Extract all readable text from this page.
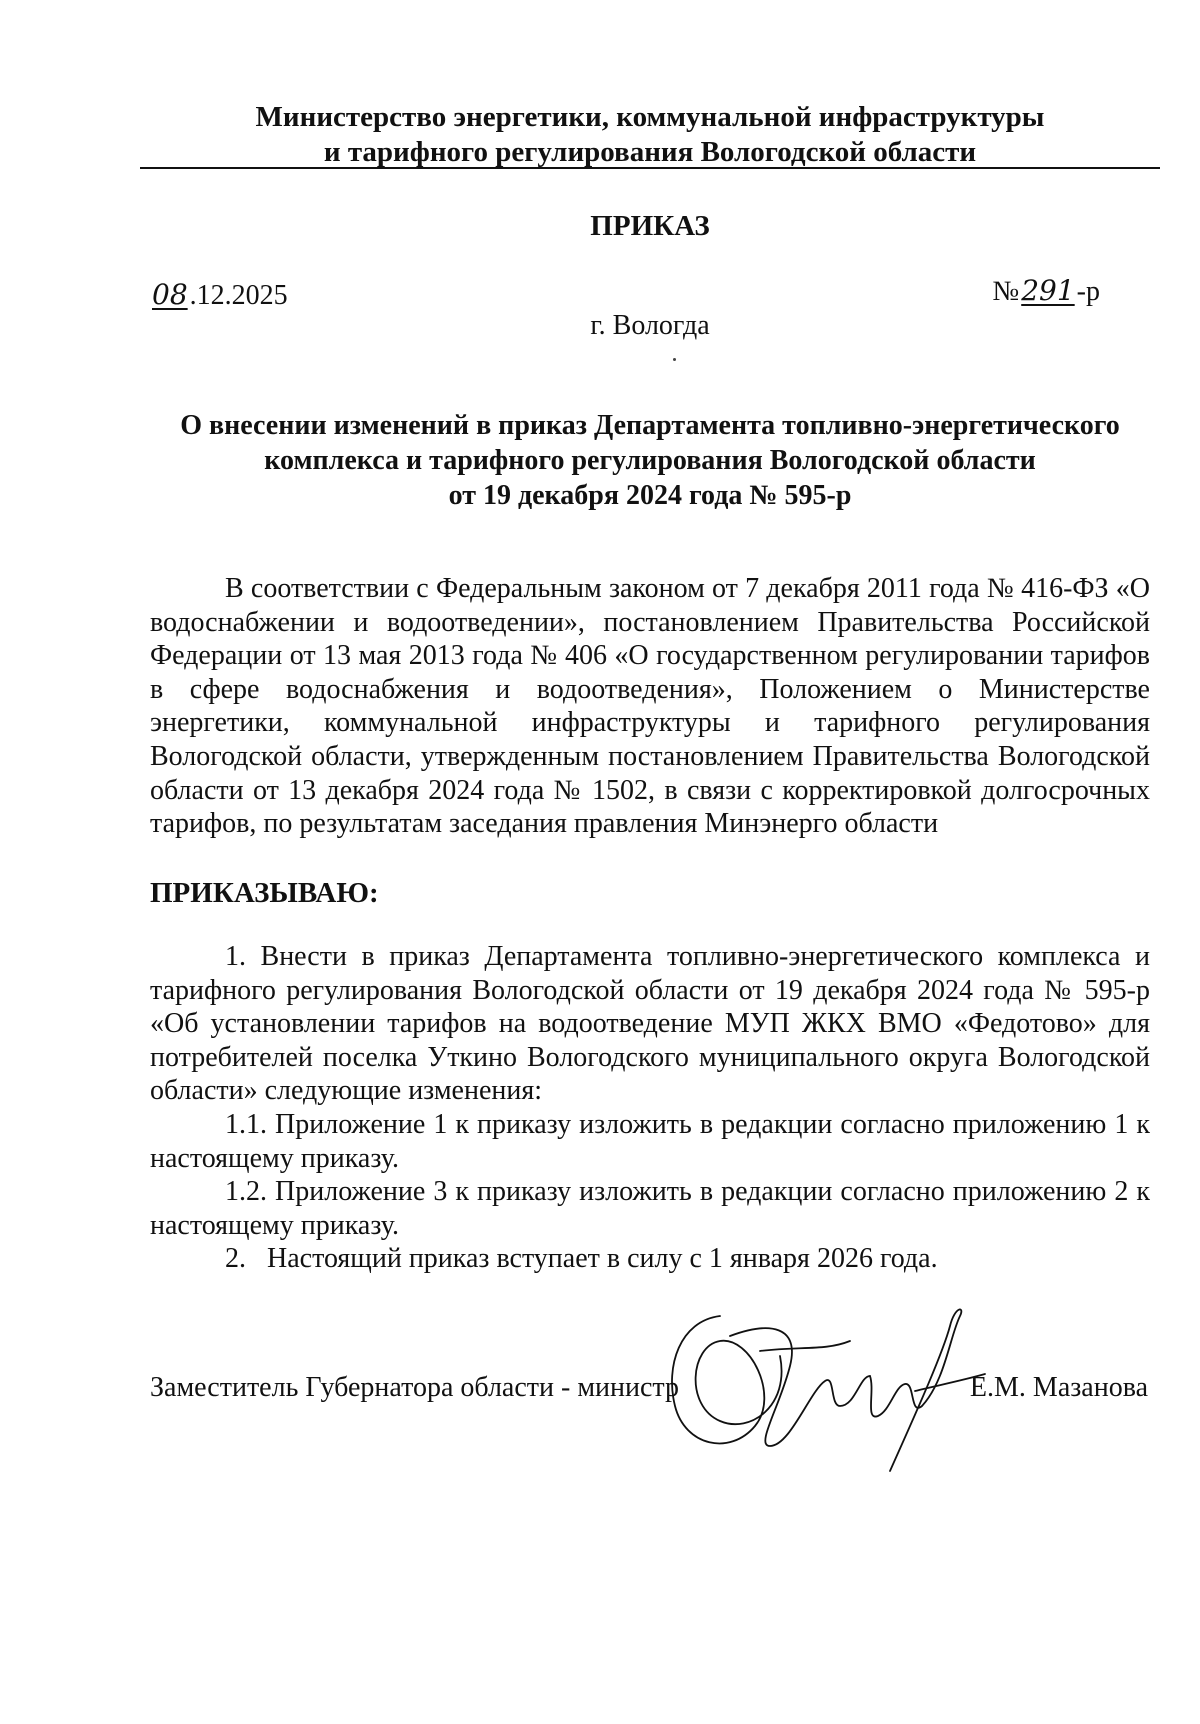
Министерство энергетики, коммунальной инфраструктуры
и тарифного регулирования Вологодской области
ПРИКАЗ
08.12.2025	№291-р
г. Вологда
О внесении изменений в приказ Департамента топливно-энергетического
комплекса и тарифного регулирования Вологодской области
от 19 декабря 2024 года № 595-р
В соответствии с Федеральным законом от 7 декабря 2011 года № 416-ФЗ «О водоснабжении и водоотведении», постановлением Правительства Российской Федерации от 13 мая 2013 года № 406 «О государственном регулировании тарифов в сфере водоснабжения и водоотведения», Положением о Министерстве энергетики, коммунальной инфраструктуры и тарифного регулирования Вологодской области, утвержденным постановлением Правительства Вологодской области от 13 декабря 2024 года № 1502, в связи с корректировкой долгосрочных тарифов, по результатам заседания правления Минэнерго области
ПРИКАЗЫВАЮ:

1. Внести в приказ Департамента топливно-энергетического комплекса и тарифного регулирования Вологодской области от 19 декабря 2024 года № 595-р «Об установлении тарифов на водоотведение МУП ЖКХ ВМО «Федотово» для потребителей поселка Уткино Вологодского муниципального округа Вологодской области» следующие изменения:

1.1. Приложение 1 к приказу изложить в редакции согласно приложению 1 к настоящему приказу.

1.2. Приложение 3 к приказу изложить в редакции согласно приложению 2 к настоящему приказу.

2.   Настоящий приказ вступает в силу с 1 января 2026 года.

Заместитель Губернатора области - министр	Е.М. Мазанова
